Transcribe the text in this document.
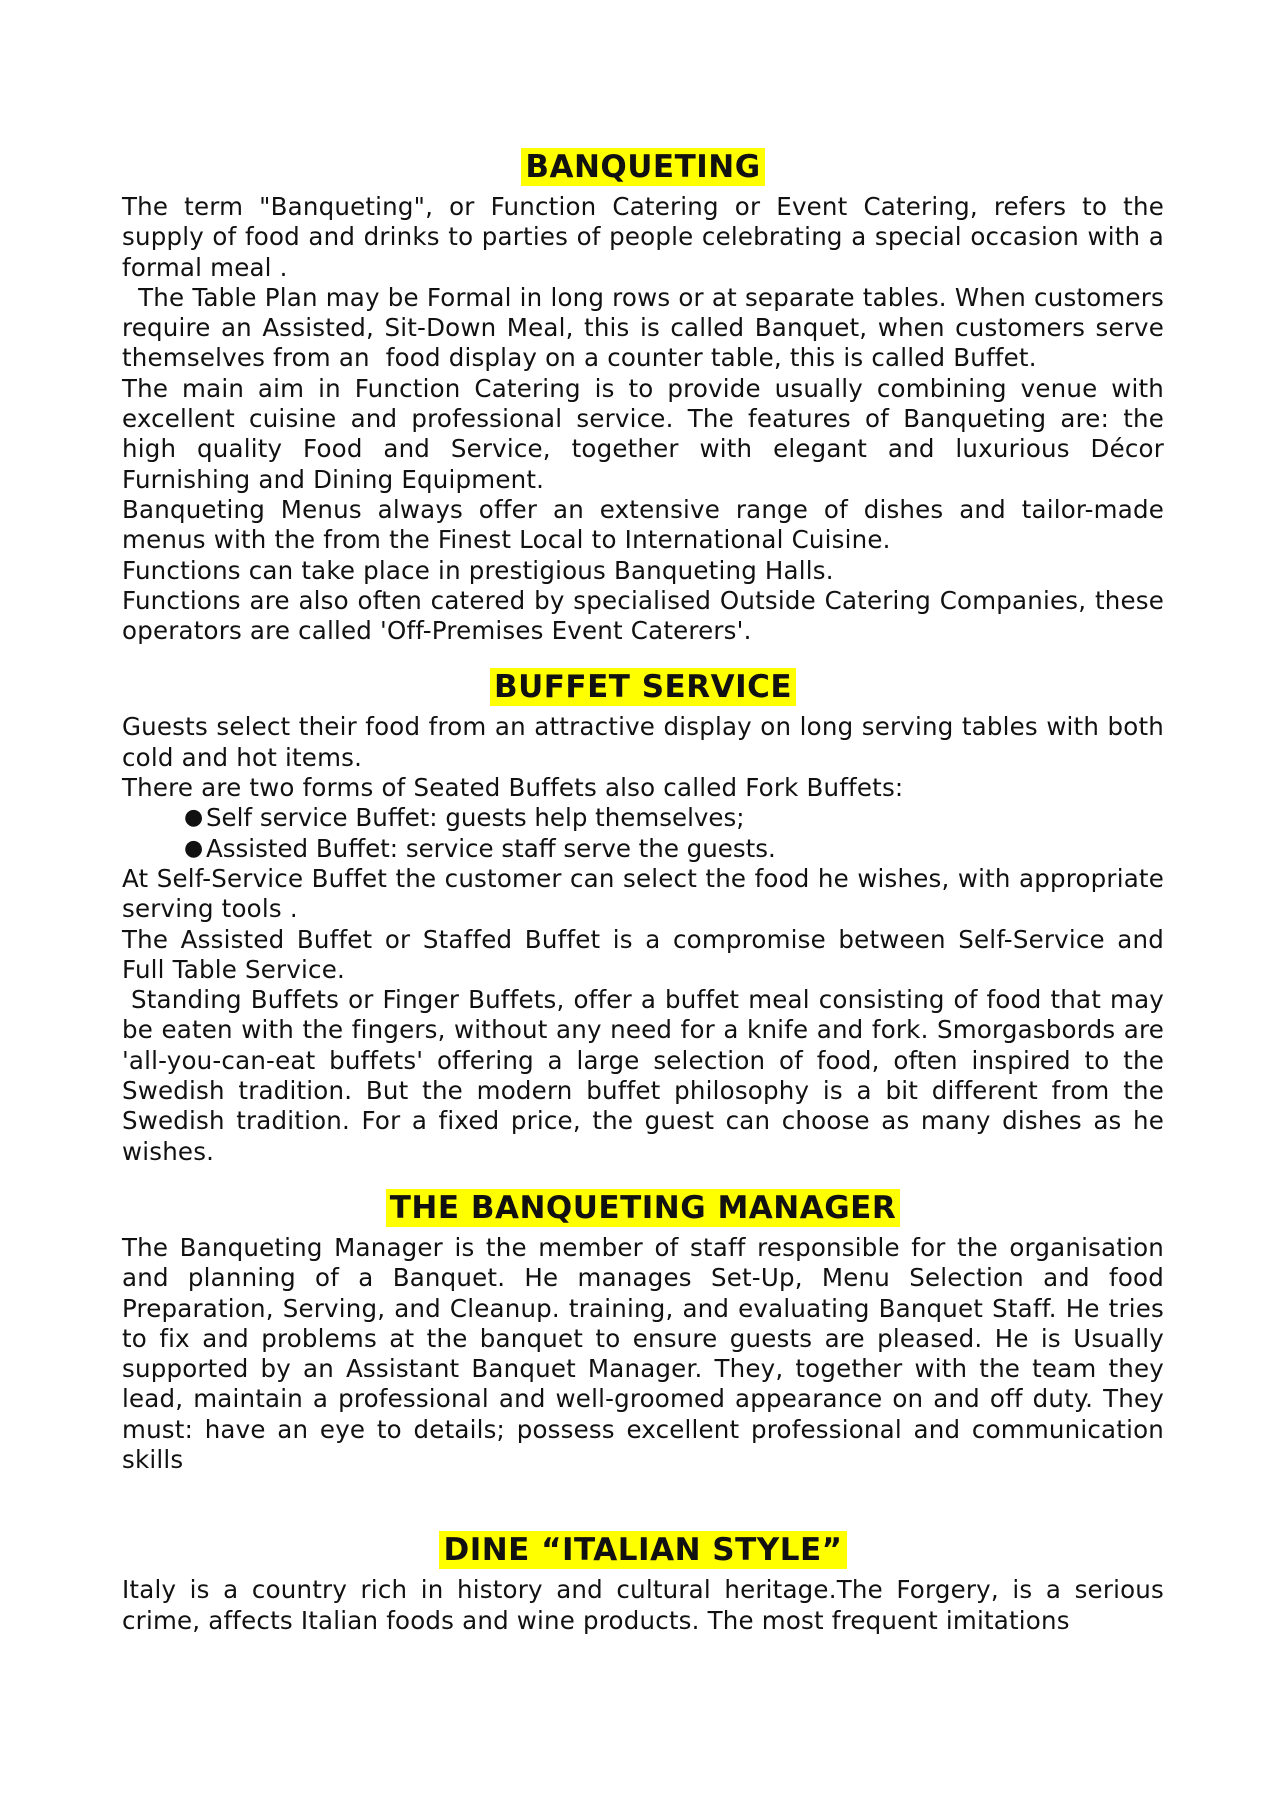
BANQUETING

The term "Banqueting", or Function Catering or Event Catering, refers to the supply of food and drinks to parties of people celebrating a special occasion with a formal meal .

The Table Plan may be Formal in long rows or at separate tables. When customers require an Assisted, Sit-Down Meal, this is called Banquet, when customers serve themselves from an  food display on a counter table, this is called Buffet.

The main aim in Function Catering is to provide usually combining venue with excellent cuisine and professional service. The features of Banqueting are: the high quality Food and Service, together with elegant and luxurious Décor Furnishing and Dining Equipment.

Banqueting Menus always offer an extensive range of dishes and tailor-made menus with the from the Finest Local to International Cuisine.

Functions can take place in prestigious Banqueting Halls.

Functions are also often catered by specialised Outside Catering Companies, these operators are called 'Off-Premises Event Caterers'.

BUFFET SERVICE

Guests select their food from an attractive display on long serving tables with both cold and hot items.

There are two forms of Seated Buffets also called Fork Buffets:

● Self service Buffet: guests help themselves;
● Assisted Buffet: service staff serve the guests.

At Self-Service Buffet the customer can select the food he wishes, with appropriate serving tools .

The Assisted Buffet or Staffed Buffet is a compromise between Self-Service and Full Table Service.

Standing Buffets or Finger Buffets, offer a buffet meal consisting of food that may be eaten with the fingers, without any need for a knife and fork. Smorgasbords are 'all-you-can-eat buffets' offering a large selection of food, often inspired to the Swedish tradition. But the modern buffet philosophy is a bit different from the Swedish tradition. For a fixed price, the guest can choose as many dishes as he wishes.

THE BANQUETING MANAGER

The Banqueting Manager is the member of staff responsible for the organisation and planning of a Banquet. He manages Set-Up, Menu Selection and food Preparation, Serving, and Cleanup. training, and evaluating Banquet Staff. He tries to fix and problems at the banquet to ensure guests are pleased. He is Usually supported by an Assistant Banquet Manager. They, together with the team they lead, maintain a professional and well-groomed appearance on and off duty. They must: have an eye to details; possess excellent professional and communication skills

DINE “ITALIAN STYLE”

Italy is a country rich in history and cultural heritage.The Forgery, is a serious crime, affects Italian foods and wine products. The most frequent imitations
